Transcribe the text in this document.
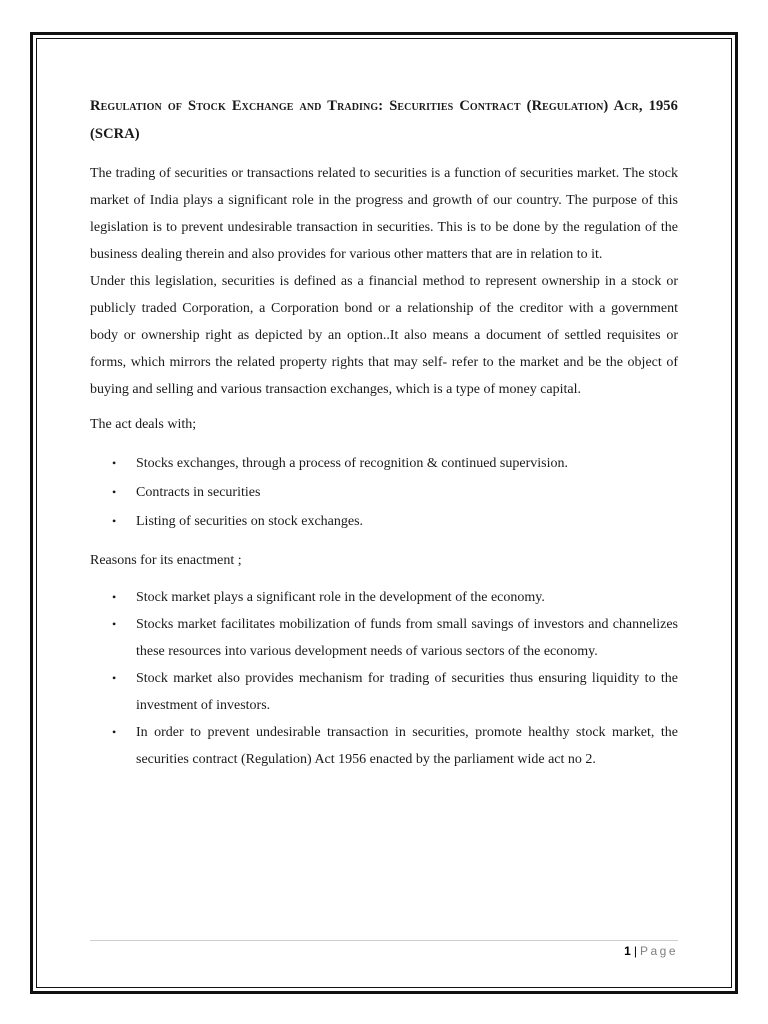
Regulation of Stock Exchange and Trading: Securities Contract (Regulation) Acr, 1956 (SCRA)

The trading of securities or transactions related to securities is a function of securities market. The stock market of India plays a significant role in the progress and growth of our country. The purpose of this legislation is to prevent undesirable transaction in securities. This is to be done by the regulation of the business dealing therein and also provides for various other matters that are in relation to it.

Under this legislation, securities is defined as a financial method to represent ownership in a stock or publicly traded Corporation, a Corporation bond or a relationship of the creditor with a government body or ownership right as depicted by an option..It also means a document of settled requisites or forms, which mirrors the related property rights that may self- refer to the market and be the object of buying and selling and various transaction exchanges, which is a type of money capital.

The act deals with;

• Stocks exchanges, through a process of recognition & continued supervision.
• Contracts in securities
• Listing of securities on stock exchanges.

Reasons for its enactment ;

• Stock market plays a significant role in the development of the economy.
• Stocks market facilitates mobilization of funds from small savings of investors and channelizes these resources into various development needs of various sectors of the economy.
• Stock market also provides mechanism for trading of securities thus ensuring liquidity to the investment of investors.
• In order to prevent undesirable transaction in securities, promote healthy stock market, the securities contract (Regulation) Act 1956 enacted by the parliament wide act no 2.
1 | Page
